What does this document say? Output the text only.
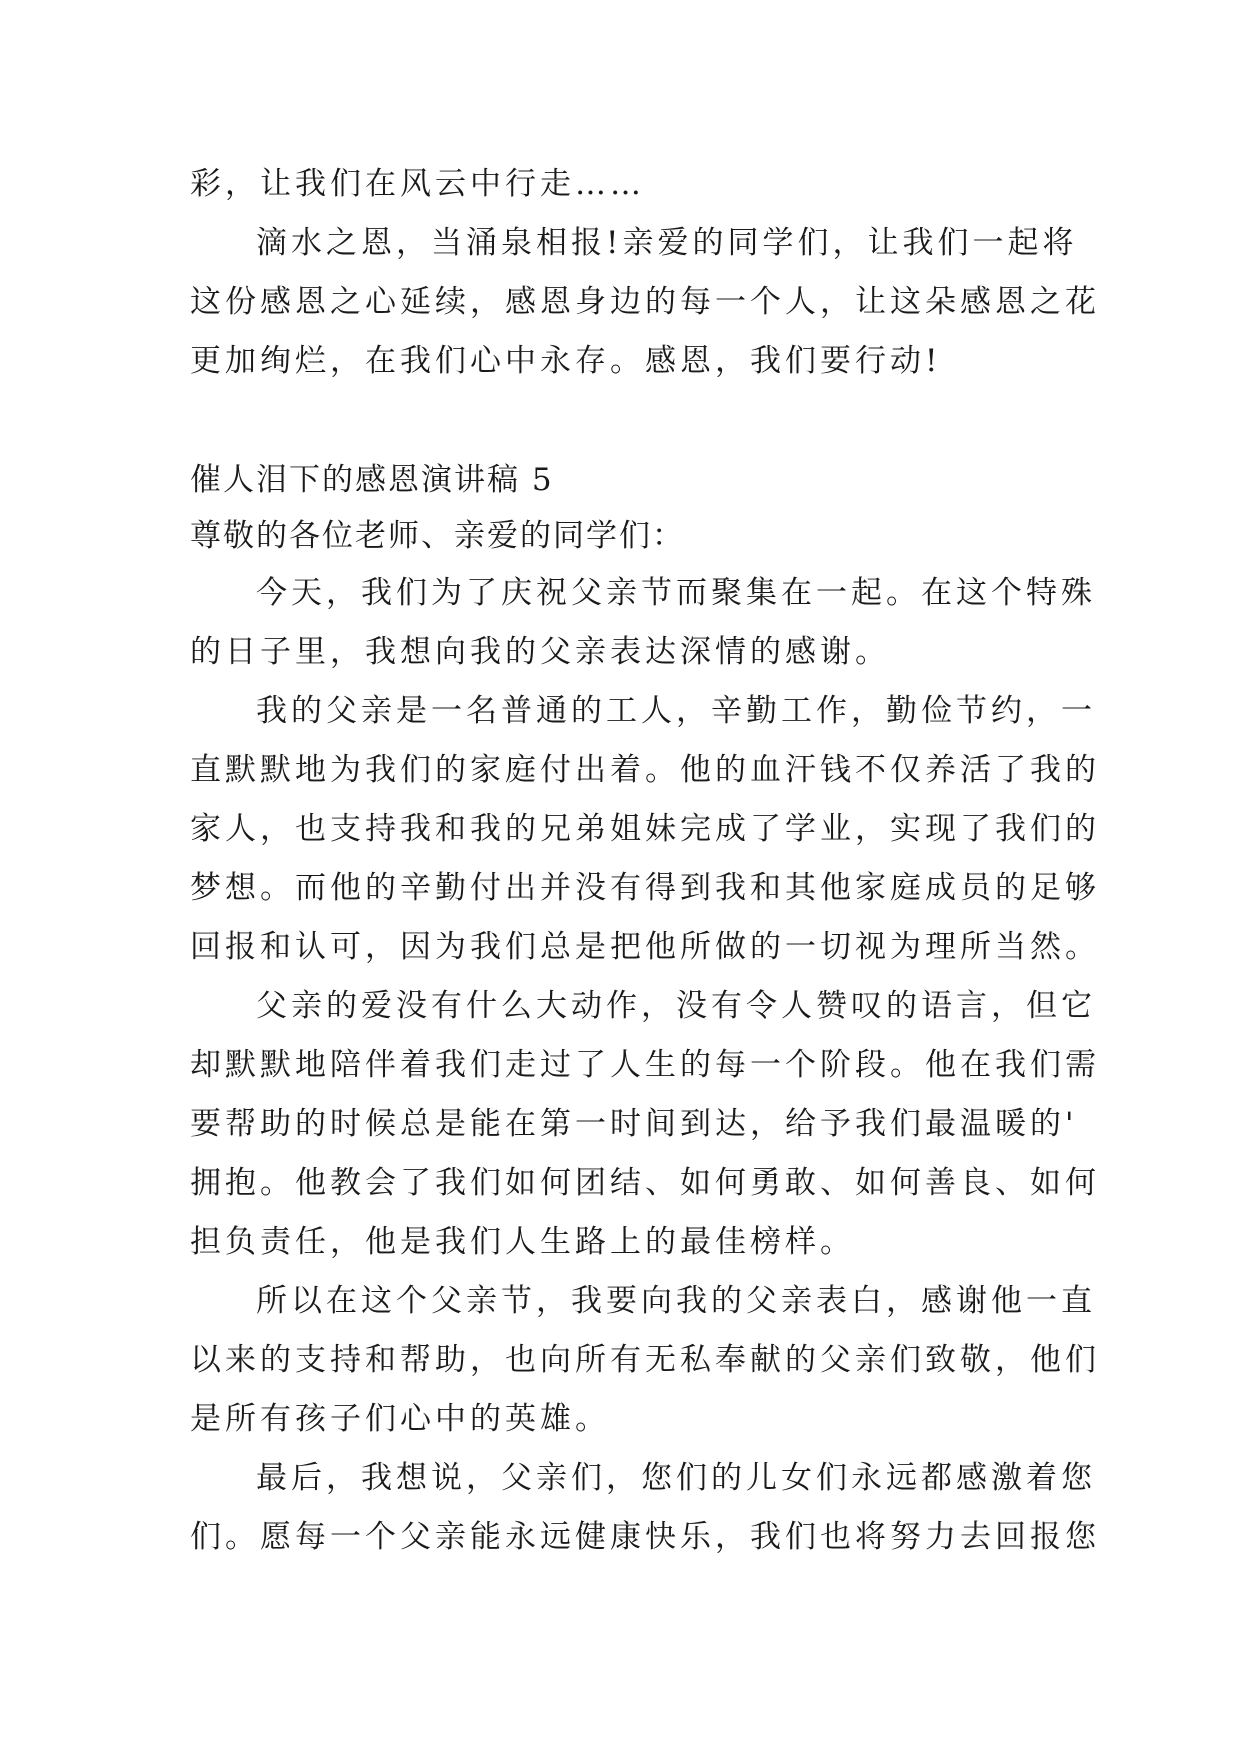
彩，让我们在风云中行走……
滴水之恩，当涌泉相报!亲爱的同学们，让我们一起将
这份感恩之心延续，感恩身边的每一个人，让这朵感恩之花
更加绚烂，在我们心中永存。感恩，我们要行动!
催人泪下的感恩演讲稿 5
尊敬的各位老师、亲爱的同学们：
今天，我们为了庆祝父亲节而聚集在一起。在这个特殊
的日子里，我想向我的父亲表达深情的感谢。
我的父亲是一名普通的工人，辛勤工作，勤俭节约，一
直默默地为我们的家庭付出着。他的血汗钱不仅养活了我的
家人，也支持我和我的兄弟姐妹完成了学业，实现了我们的
梦想。而他的辛勤付出并没有得到我和其他家庭成员的足够
回报和认可，因为我们总是把他所做的一切视为理所当然。
父亲的爱没有什么大动作，没有令人赞叹的语言，但它
却默默地陪伴着我们走过了人生的每一个阶段。他在我们需
要帮助的时候总是能在第一时间到达，给予我们最温暖的'
拥抱。他教会了我们如何团结、如何勇敢、如何善良、如何
担负责任，他是我们人生路上的最佳榜样。
所以在这个父亲节，我要向我的父亲表白，感谢他一直
以来的支持和帮助，也向所有无私奉献的父亲们致敬，他们
是所有孩子们心中的英雄。
最后，我想说，父亲们，您们的儿女们永远都感激着您
们。愿每一个父亲能永远健康快乐，我们也将努力去回报您
